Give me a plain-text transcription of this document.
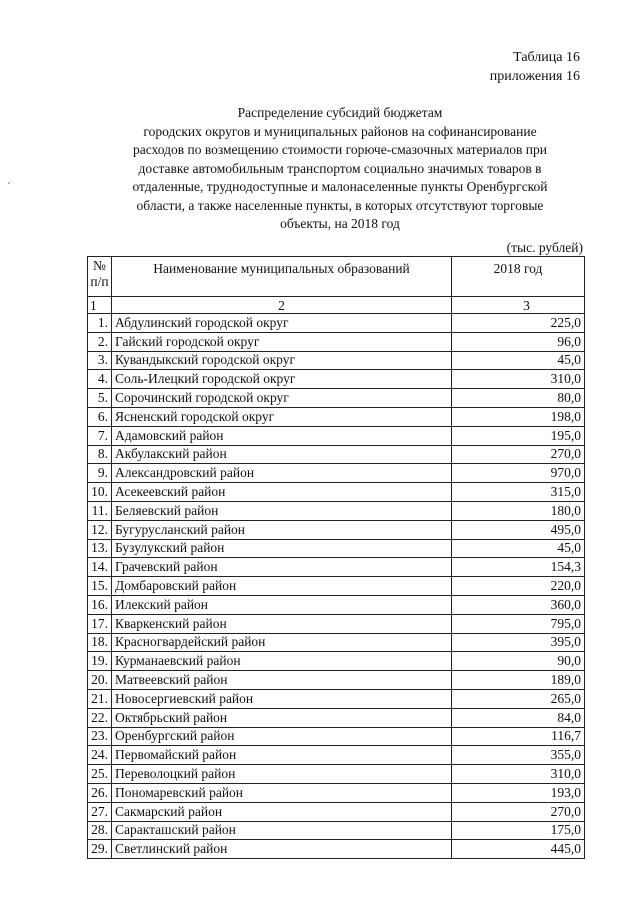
Таблица 16
приложения 16
Распределение субсидий бюджетам
городских округов и муниципальных районов на софинансирование
расходов по возмещению стоимости горюче-смазочных материалов при
доставке автомобильным транспортом социально значимых товаров в
отдаленные, труднодоступные и малонаселенные пункты Оренбургской
области, а также населенные пункты, в которых отсутствуют торговые
объекты, на 2018 год
(тыс. рублей)
№
п/п	Наименование муниципальных образований	2018 год
1	2	3
1.	Абдулинский городской округ	225,0
2.	Гайский городской округ	96,0
3.	Кувандыкский городской округ	45,0
4.	Соль-Илецкий городской округ	310,0
5.	Сорочинский городской округ	80,0
6.	Ясненский городской округ	198,0
7.	Адамовский район	195,0
8.	Акбулакский район	270,0
9.	Александровский район	970,0
10.	Асекеевский район	315,0
11.	Беляевский район	180,0
12.	Бугурусланский район	495,0
13.	Бузулукский район	45,0
14.	Грачевский район	154,3
15.	Домбаровский район	220,0
16.	Илекский район	360,0
17.	Кваркенский район	795,0
18.	Красногвардейский район	395,0
19.	Курманаевский район	90,0
20.	Матвеевский район	189,0
21.	Новосергиевский район	265,0
22.	Октябрьский район	84,0
23.	Оренбургский район	116,7
24.	Первомайский район	355,0
25.	Переволоцкий район	310,0
26.	Пономаревский район	193,0
27.	Сакмарский район	270,0
28.	Саракташский район	175,0
29.	Светлинский район	445,0
